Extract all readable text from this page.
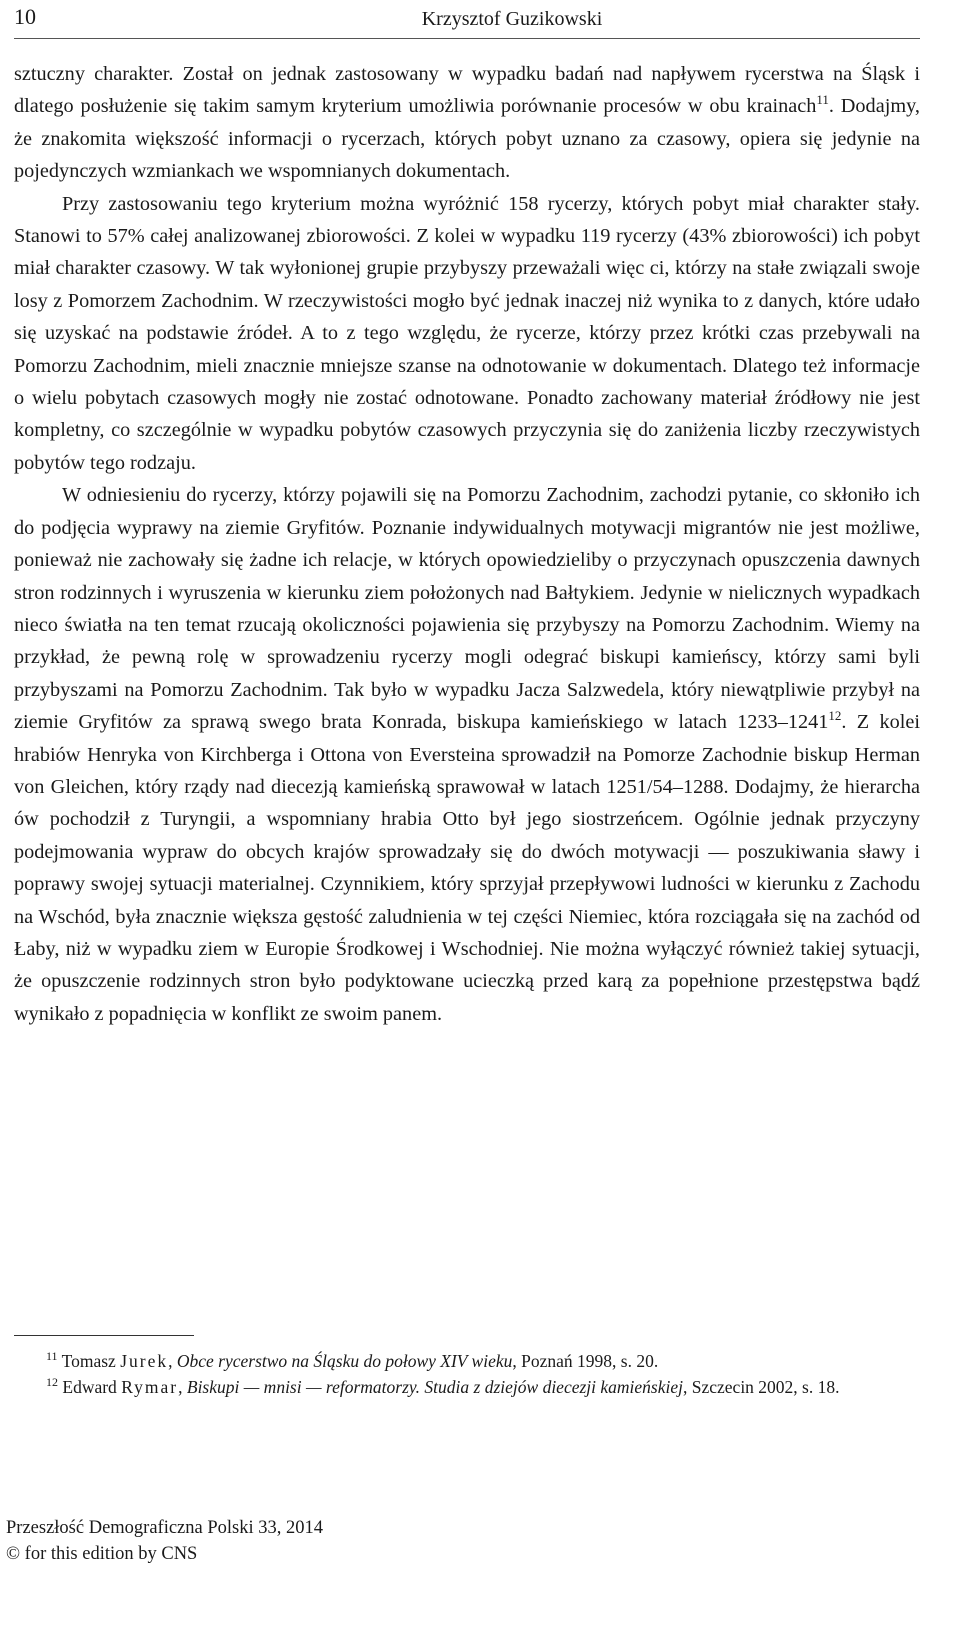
10	Krzysztof Guzikowski

sztuczny charakter. Został on jednak zastosowany w wypadku badań nad napływem rycerstwa na Śląsk i dlatego posłużenie się takim samym kryterium umożliwia porównanie procesów w obu krainach$^{11}$. Dodajmy, że znakomita większość informacji o rycerzach, których pobyt uznano za czasowy, opiera się jedynie na pojedynczych wzmiankach we wspomnianych dokumentach.

Przy zastosowaniu tego kryterium można wyróżnić 158 rycerzy, których pobyt miał charakter stały. Stanowi to 57% całej analizowanej zbiorowości. Z kolei w wypadku 119 rycerzy (43% zbiorowości) ich pobyt miał charakter czasowy. W tak wyłonionej grupie przybyszy przeważali więc ci, którzy na stałe związali swoje losy z Pomorzem Zachodnim. W rzeczywistości mogło być jednak inaczej niż wynika to z danych, które udało się uzyskać na podstawie źródeł. A to z tego względu, że rycerze, którzy przez krótki czas przebywali na Pomorzu Zachodnim, mieli znacznie mniejsze szanse na odnotowanie w dokumentach. Dlatego też informacje o wielu pobytach czasowych mogły nie zostać odnotowane. Ponadto zachowany materiał źródłowy nie jest kompletny, co szczególnie w wypadku pobytów czasowych przyczynia się do zaniżenia liczby rzeczywistych pobytów tego rodzaju.

W odniesieniu do rycerzy, którzy pojawili się na Pomorzu Zachodnim, zachodzi pytanie, co skłoniło ich do podjęcia wyprawy na ziemie Gryfitów. Poznanie indywidualnych motywacji migrantów nie jest możliwe, ponieważ nie zachowały się żadne ich relacje, w których opowiedzieliby o przyczynach opuszczenia dawnych stron rodzinnych i wyruszenia w kierunku ziem położonych nad Bałtykiem. Jedynie w nielicznych wypadkach nieco światła na ten temat rzucają okoliczności pojawienia się przybyszy na Pomorzu Zachodnim. Wiemy na przykład, że pewną rolę w sprowadzeniu rycerzy mogli odegrać biskupi kamieńscy, którzy sami byli przybyszami na Pomorzu Zachodnim. Tak było w wypadku Jacza Salzwedela, który niewątpliwie przybył na ziemie Gryfitów za sprawą swego brata Konrada, biskupa kamieńskiego w latach 1233–1241$^{12}$. Z kolei hrabiów Henryka von Kirchberga i Ottona von Eversteina sprowadził na Pomorze Zachodnie biskup Herman von Gleichen, który rządy nad diecezją kamieńską sprawował w latach 1251/54–1288. Dodajmy, że hierarcha ów pochodził z Turyngii, a wspomniany hrabia Otto był jego siostrzeńcem. Ogólnie jednak przyczyny podejmowania wypraw do obcych krajów sprowadzały się do dwóch motywacji — poszukiwania sławy i poprawy swojej sytuacji materialnej. Czynnikiem, który sprzyjał przepływowi ludności w kierunku z Zachodu na Wschód, była znacznie większa gęstość zaludnienia w tej części Niemiec, która rozciągała się na zachód od Łaby, niż w wypadku ziem w Europie Środkowej i Wschodniej. Nie można wyłączyć również takiej sytuacji, że opuszczenie rodzinnych stron było podyktowane ucieczką przed karą za popełnione przestępstwa bądź wynikało z popadnięcia w konflikt ze swoim panem.

$^{11}$ Tomasz Jurek, Obce rycerstwo na Śląsku do połowy XIV wieku, Poznań 1998, s. 20.

$^{12}$ Edward Rymar, Biskupi — mnisi — reformatorzy. Studia z dziejów diecezji kamieńskiej, Szczecin 2002, s. 18.

Przeszłość Demograficzna Polski 33, 2014
© for this edition by CNS
